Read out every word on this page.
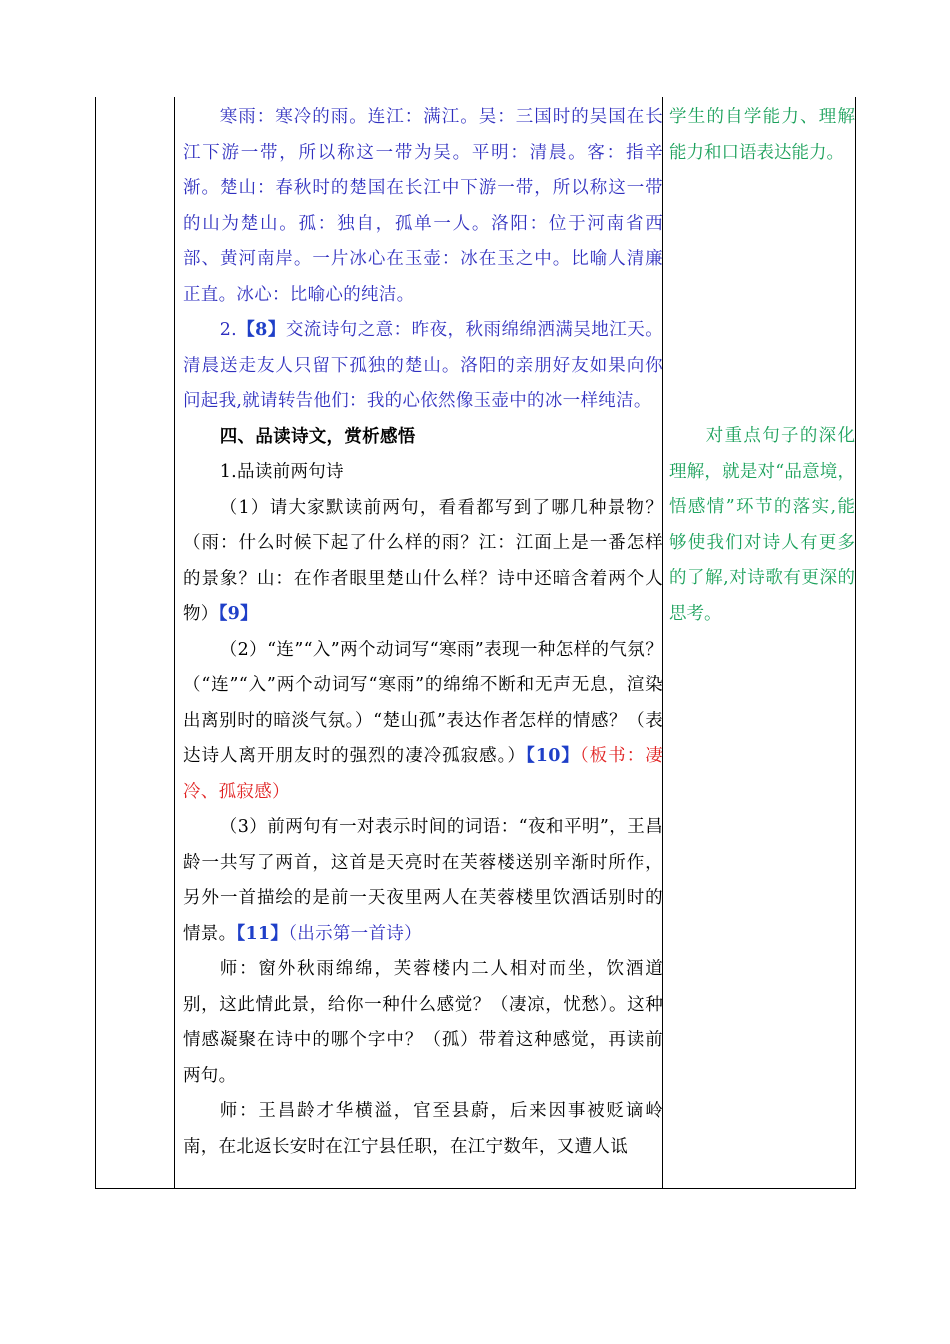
寒雨：寒冷的雨。连江：满江。吴：三国时的吴国在长江下游一带，所以称这一带为吴。平明：清晨。客：指辛渐。楚山：春秋时的楚国在长江中下游一带，所以称这一带的山为楚山。孤：独自，孤单一人。洛阳：位于河南省西部、黄河南岸。一片冰心在玉壶：冰在玉之中。比喻人清廉正直。冰心：比喻心的纯洁。

2.【8】交流诗句之意：昨夜，秋雨绵绵洒满吴地江天。清晨送走友人只留下孤独的楚山。洛阳的亲朋好友如果向你问起我,就请转告他们：我的心依然像玉壶中的冰一样纯洁。

四、品读诗文，赏析感悟

1.品读前两句诗

（1）请大家默读前两句，看看都写到了哪几种景物？（雨：什么时候下起了什么样的雨？江：江面上是一番怎样的景象？山：在作者眼里楚山什么样？诗中还暗含着两个人物）【9】

（2）“连”“入”两个动词写“寒雨”表现一种怎样的气氛？（“连”“入”两个动词写“寒雨”的绵绵不断和无声无息，渲染出离别时的暗淡气氛。）“楚山孤”表达作者怎样的情感？（表达诗人离开朋友时的强烈的凄冷孤寂感。）【10】（板书：凄冷、孤寂感）

（3）前两句有一对表示时间的词语：“夜和平明”，王昌龄一共写了两首，这首是天亮时在芙蓉楼送别辛渐时所作，另外一首描绘的是前一天夜里两人在芙蓉楼里饮酒话别时的情景。【11】（出示第一首诗）

师：窗外秋雨绵绵，芙蓉楼内二人相对而坐，饮酒道别，这此情此景，给你一种什么感觉？（凄凉，忧愁）。这种情感凝聚在诗中的哪个字中？（孤）带着这种感觉，再读前两句。

师：王昌龄才华横溢，官至县蔚，后来因事被贬谪岭南，在北返长安时在江宁县任职，在江宁数年，又遭人诋

学生的自学能力、理解能力和口语表达能力。

对重点句子的深化理解，就是对“品意境，悟感情”环节的落实,能够使我们对诗人有更多的了解,对诗歌有更深的思考。
